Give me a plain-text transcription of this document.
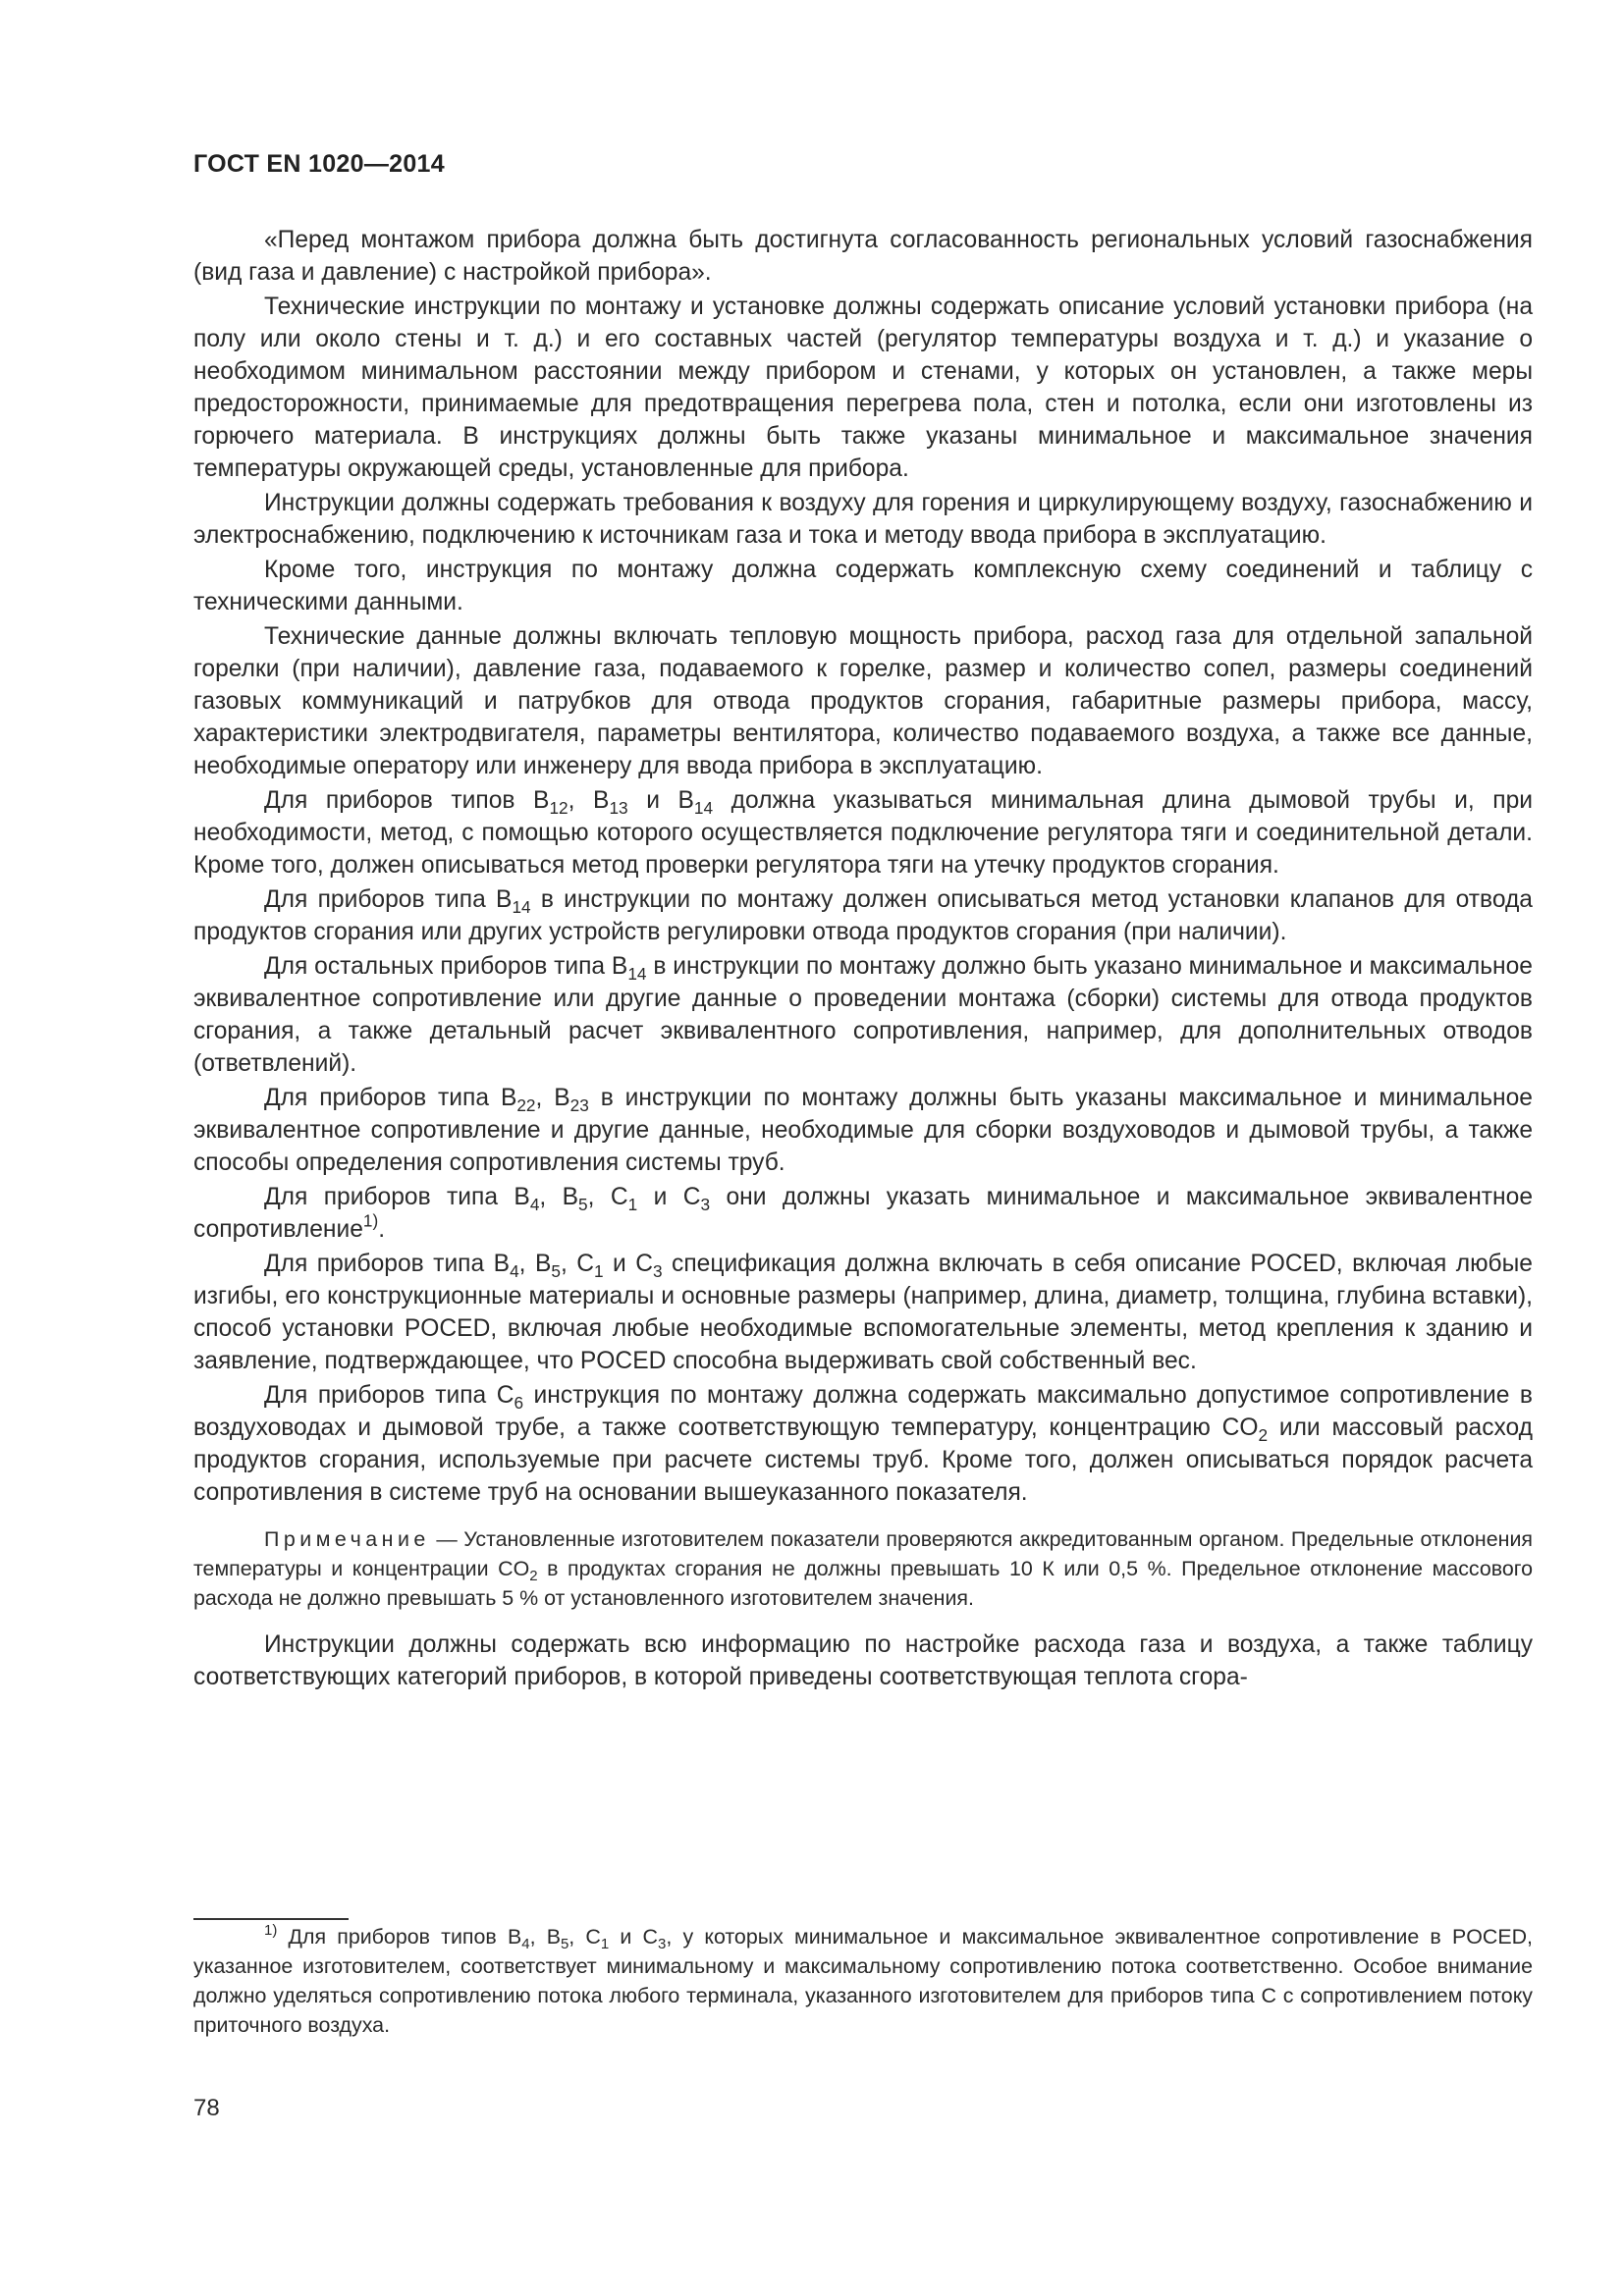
ГОСТ EN 1020—2014

«Перед монтажом прибора должна быть достигнута согласованность региональных условий газоснабжения (вид газа и давление) с настройкой прибора».

Технические инструкции по монтажу и установке должны содержать описание условий установки прибора (на полу или около стены и т. д.) и его составных частей (регулятор температуры воздуха и т. д.) и указание о необходимом минимальном расстоянии между прибором и стенами, у которых он установлен, а также меры предосторожности, принимаемые для предотвращения перегрева пола, стен и потолка, если они изготовлены из горючего материала. В инструкциях должны быть также указаны минимальное и максимальное значения температуры окружающей среды, установленные для прибора.

Инструкции должны содержать требования к воздуху для горения и циркулирующему воздуху, газоснабжению и электроснабжению, подключению к источникам газа и тока и методу ввода прибора в эксплуатацию.

Кроме того, инструкция по монтажу должна содержать комплексную схему соединений и таблицу с техническими данными.

Технические данные должны включать тепловую мощность прибора, расход газа для отдельной запальной горелки (при наличии), давление газа, подаваемого к горелке, размер и количество сопел, размеры соединений газовых коммуникаций и патрубков для отвода продуктов сгорания, габаритные размеры прибора, массу, характеристики электродвигателя, параметры вентилятора, количество подаваемого воздуха, а также все данные, необходимые оператору или инженеру для ввода прибора в эксплуатацию.

Для приборов типов $B_{12}$, $B_{13}$ и $B_{14}$ должна указываться минимальная длина дымовой трубы и, при необходимости, метод, с помощью которого осуществляется подключение регулятора тяги и соединительной детали. Кроме того, должен описываться метод проверки регулятора тяги на утечку продуктов сгорания.

Для приборов типа $B_{14}$ в инструкции по монтажу должен описываться метод установки клапанов для отвода продуктов сгорания или других устройств регулировки отвода продуктов сгорания (при наличии).

Для остальных приборов типа $B_{14}$ в инструкции по монтажу должно быть указано минимальное и максимальное эквивалентное сопротивление или другие данные о проведении монтажа (сборки) системы для отвода продуктов сгорания, а также детальный расчет эквивалентного сопротивления, например, для дополнительных отводов (ответвлений).

Для приборов типа $B_{22}$, $B_{23}$ в инструкции по монтажу должны быть указаны максимальное и минимальное эквивалентное сопротивление и другие данные, необходимые для сборки воздуховодов и дымовой трубы, а также способы определения сопротивления системы труб.

Для приборов типа $B_4$, $B_5$, $C_1$ и $C_3$ они должны указать минимальное и максимальное эквивалентное сопротивление$^{1)}$.

Для приборов типа $B_4$, $B_5$, $C_1$ и $C_3$ спецификация должна включать в себя описание POCED, включая любые изгибы, его конструкционные материалы и основные размеры (например, длина, диаметр, толщина, глубина вставки), способ установки POCED, включая любые необходимые вспомогательные элементы, метод крепления к зданию и заявление, подтверждающее, что POCED способна выдерживать свой собственный вес.

Для приборов типа $C_6$ инструкция по монтажу должна содержать максимально допустимое сопротивление в воздуховодах и дымовой трубе, а также соответствующую температуру, концентрацию $CO_2$ или массовый расход продуктов сгорания, используемые при расчете системы труб. Кроме того, должен описываться порядок расчета сопротивления в системе труб на основании вышеуказанного показателя.

Примечание — Установленные изготовителем показатели проверяются аккредитованным органом. Предельные отклонения температуры и концентрации $CO_2$ в продуктах сгорания не должны превышать 10 К или 0,5 %. Предельное отклонение массового расхода не должно превышать 5 % от установленного изготовителем значения.

Инструкции должны содержать всю информацию по настройке расхода газа и воздуха, а также таблицу соответствующих категорий приборов, в которой приведены соответствующая теплота сгора-

$^{1)}$ Для приборов типов $B_4$, $B_5$, $C_1$ и $C_3$, у которых минимальное и максимальное эквивалентное сопротивление в POCED, указанное изготовителем, соответствует минимальному и максимальному сопротивлению потока соответственно. Особое внимание должно уделяться сопротивлению потока любого терминала, указанного изготовителем для приборов типа C с сопротивлением потоку приточного воздуха.

78
